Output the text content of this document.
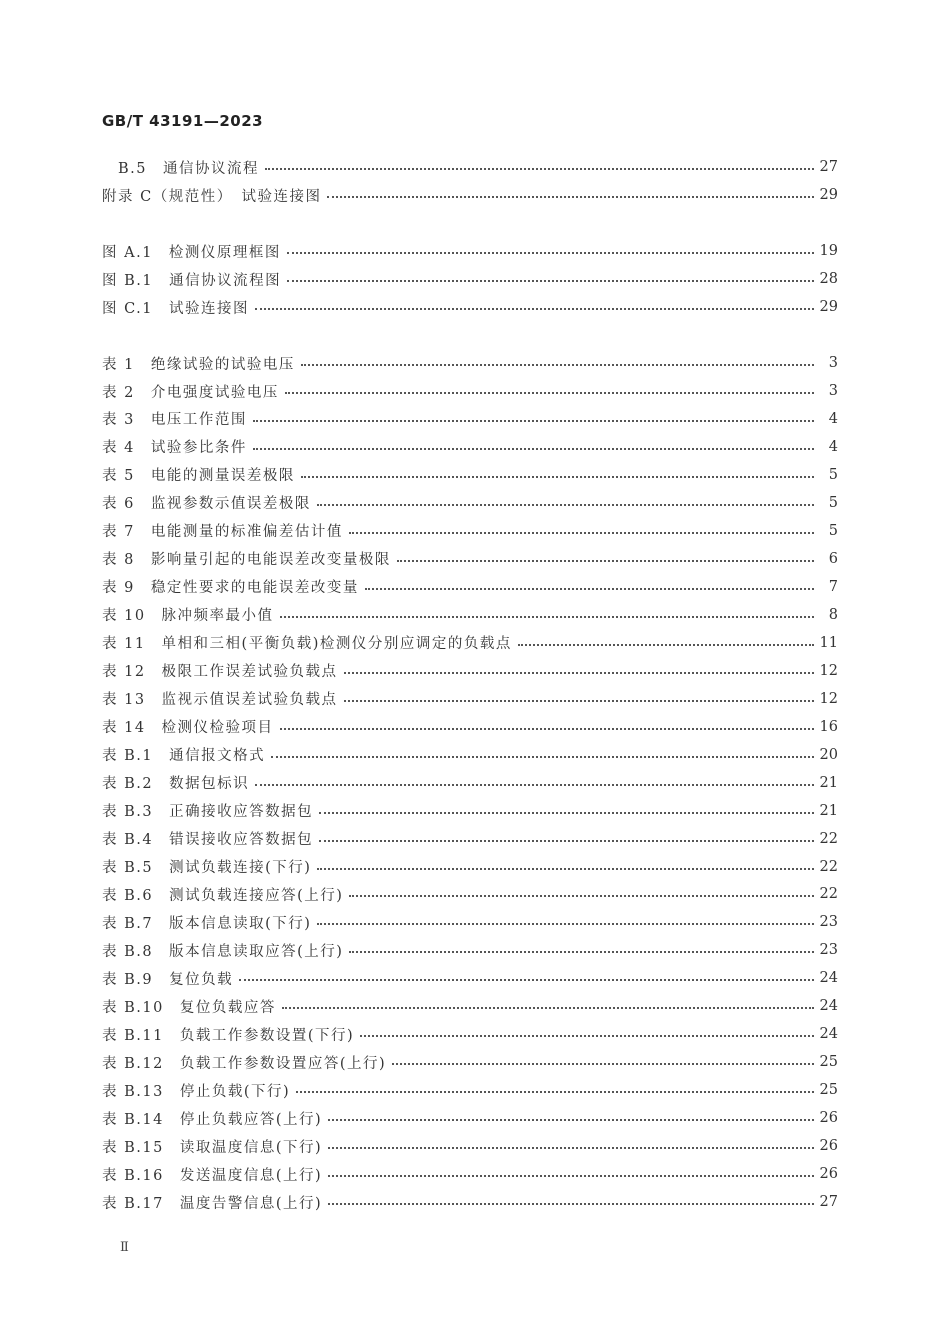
GB/T 43191—2023
B.5　通信协议流程	27
附录 C（规范性）　试验连接图	29
图 A.1　检测仪原理框图	19
图 B.1　通信协议流程图	28
图 C.1　试验连接图	29
表 1　绝缘试验的试验电压	3
表 2　介电强度试验电压	3
表 3　电压工作范围	4
表 4　试验参比条件	4
表 5　电能的测量误差极限	5
表 6　监视参数示值误差极限	5
表 7　电能测量的标准偏差估计值	5
表 8　影响量引起的电能误差改变量极限	6
表 9　稳定性要求的电能误差改变量	7
表 10　脉冲频率最小值	8
表 11　单相和三相(平衡负载)检测仪分别应调定的负载点	11
表 12　极限工作误差试验负载点	12
表 13　监视示值误差试验负载点	12
表 14　检测仪检验项目	16
表 B.1　通信报文格式	20
表 B.2　数据包标识	21
表 B.3　正确接收应答数据包	21
表 B.4　错误接收应答数据包	22
表 B.5　测试负载连接(下行)	22
表 B.6　测试负载连接应答(上行)	22
表 B.7　版本信息读取(下行)	23
表 B.8　版本信息读取应答(上行)	23
表 B.9　复位负载	24
表 B.10　复位负载应答	24
表 B.11　负载工作参数设置(下行)	24
表 B.12　负载工作参数设置应答(上行)	25
表 B.13　停止负载(下行)	25
表 B.14　停止负载应答(上行)	26
表 B.15　读取温度信息(下行)	26
表 B.16　发送温度信息(上行)	26
表 B.17　温度告警信息(上行)	27
Ⅱ
